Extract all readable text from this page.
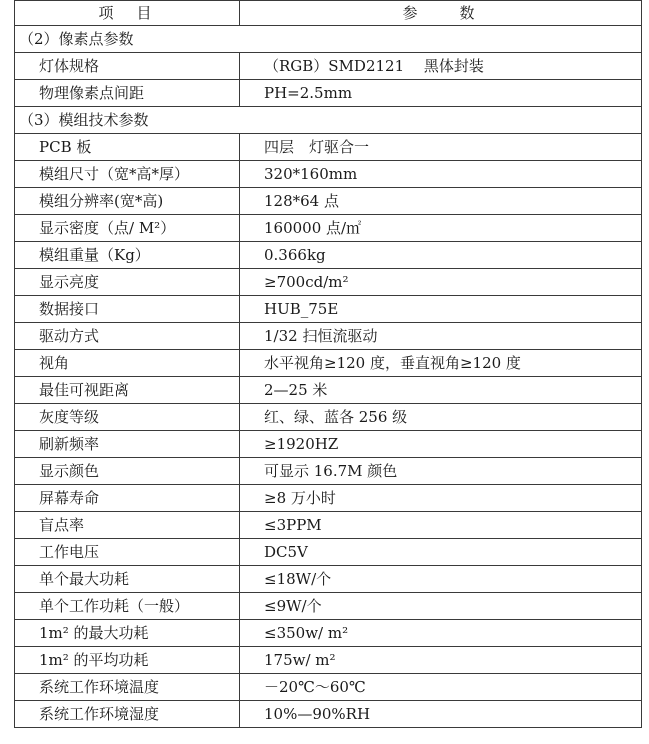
项　目	参　　数
（2）像素点参数	
灯体规格	（RGB）SMD2121　 黑体封装
物理像素点间距	PH=2.5mm
（3）模组技术参数	
PCB 板	四层　灯驱合一
模组尺寸（宽*高*厚）	320*160mm
模组分辨率(宽*高)	128*64 点
显示密度（点/ M²）	160000 点/㎡
模组重量（Kg）	0.366kg
显示亮度	≥700cd/m²
数据接口	HUB_75E
驱动方式	1/32 扫恒流驱动
视角	水平视角≥120 度，垂直视角≥120 度
最佳可视距离	2—25 米
灰度等级	红、绿、蓝各 256 级
刷新频率	≥1920HZ
显示颜色	可显示 16.7M 颜色
屏幕寿命	≥8 万小时
盲点率	≤3PPM
工作电压	DC5V
单个最大功耗	≤18W/个
单个工作功耗（一般）	≤9W/个
1m² 的最大功耗	≤350w/ m²
1m² 的平均功耗	175w/ m²
系统工作环境温度	－20℃～60℃
系统工作环境湿度	10%—90%RH
